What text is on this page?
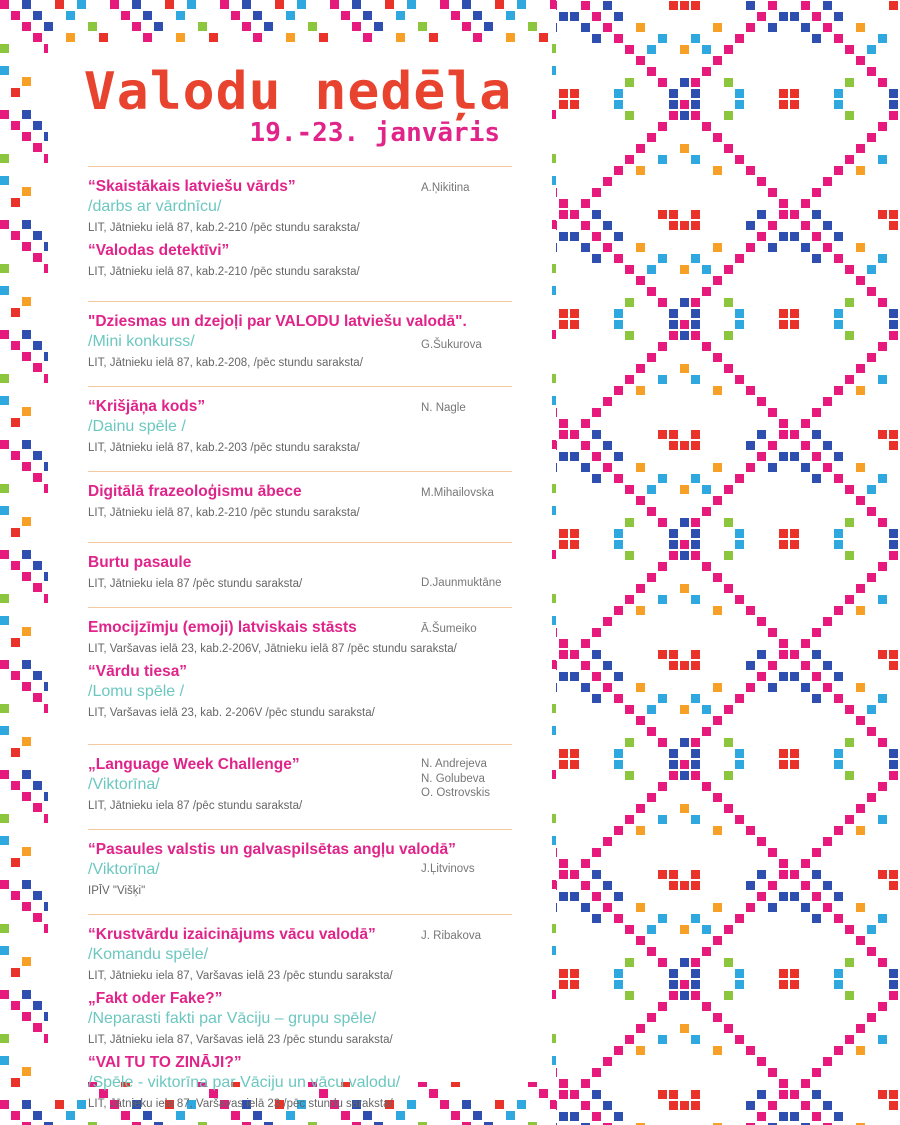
Valodu nedēļa
19.-23. janvāris
A.Ņikitina
“Skaistākais latviešu vārds”
/darbs ar vārdnīcu/
LIT, Jātnieku ielā 87, kab.2-210 /pēc stundu saraksta/
“Valodas detektīvi”
LIT, Jātnieku ielā 87, kab.2-210 /pēc stundu saraksta/
G.Šukurova
"Dziesmas un dzejoļi par VALODU latviešu valodā".
/Mini konkurss/
LIT, Jātnieku ielā 87, kab.2-208, /pēc stundu saraksta/
N. Nagle
“Krišjāņa kods”
/Dainu spēle /
LIT, Jātnieku ielā 87, kab.2-203 /pēc stundu saraksta/
M.Mihailovska
Digitālā frazeoloģismu ābece
LIT, Jātnieku ielā 87, kab.2-210 /pēc stundu saraksta/
D.Jaunmuktāne
Burtu pasaule
LIT, Jātnieku iela 87 /pēc stundu saraksta/
Ā.Šumeiko
Emocijzīmju (emoji) latviskais stāsts
LIT, Varšavas ielā 23, kab.2-206V, Jātnieku ielā 87 /pēc stundu saraksta/
“Vārdu tiesa”
/Lomu spēle /
LIT, Varšavas ielā 23, kab. 2-206V /pēc stundu saraksta/
N. Andrejeva
N. Golubeva
O. Ostrovskis
„Language Week Challenge”
/Viktorīna/
LIT, Jātnieku iela 87 /pēc stundu saraksta/
J.Ļitvinovs
“Pasaules valstis un galvaspilsētas angļu valodā”
/Viktorīna/
IPĪV "Višķi"
J. Ribakova
“Krustvārdu izaicinājums vācu valodā”
/Komandu spēle/
LIT, Jātnieku iela 87, Varšavas ielā 23 /pēc stundu saraksta/
„Fakt oder Fake?”
/Neparasti fakti par Vāciju – grupu spēle/
LIT, Jātnieku iela 87, Varšavas ielā 23 /pēc stundu saraksta/
“VAI TU TO ZINĀJI?”
/Spēle - viktorīna par Vāciju un vācu valodu/
LIT, Jātnieku iela 87, Varšavas ielā 23 /pēc stundu saraksta/
